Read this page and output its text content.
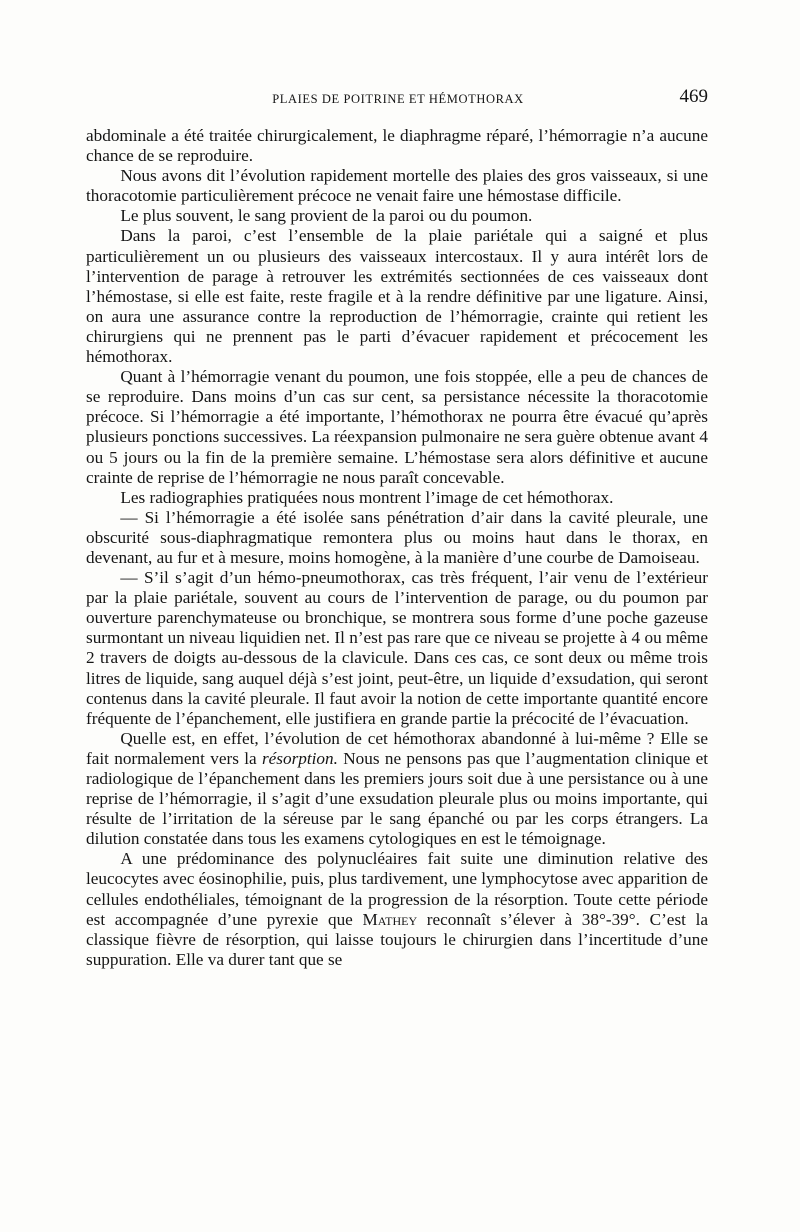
PLAIES DE POITRINE ET HÉMOTHORAX	469

abdominale a été traitée chirurgicalement, le diaphragme réparé, l’hémorragie n’a aucune chance de se reproduire.

Nous avons dit l’évolution rapidement mortelle des plaies des gros vaisseaux, si une thoracotomie particulièrement précoce ne venait faire une hémostase difficile.

Le plus souvent, le sang provient de la paroi ou du poumon.

Dans la paroi, c’est l’ensemble de la plaie pariétale qui a saigné et plus particulièrement un ou plusieurs des vaisseaux intercostaux. Il y aura intérêt lors de l’intervention de parage à retrouver les extrémités sectionnées de ces vaisseaux dont l’hémostase, si elle est faite, reste fragile et à la rendre définitive par une ligature. Ainsi, on aura une assurance contre la reproduction de l’hémorragie, crainte qui retient les chirurgiens qui ne prennent pas le parti d’évacuer rapidement et précocement les hémothorax.

Quant à l’hémorragie venant du poumon, une fois stoppée, elle a peu de chances de se reproduire. Dans moins d’un cas sur cent, sa persistance nécessite la thoracotomie précoce. Si l’hémorragie a été importante, l’hémothorax ne pourra être évacué qu’après plusieurs ponctions successives. La réexpansion pulmonaire ne sera guère obtenue avant 4 ou 5 jours ou la fin de la première semaine. L’hémostase sera alors définitive et aucune crainte de reprise de l’hémorragie ne nous paraît concevable.

Les radiographies pratiquées nous montrent l’image de cet hémothorax.

— Si l’hémorragie a été isolée sans pénétration d’air dans la cavité pleurale, une obscurité sous-diaphragmatique remontera plus ou moins haut dans le thorax, en devenant, au fur et à mesure, moins homogène, à la manière d’une courbe de Damoiseau.

— S’il s’agit d’un hémo-pneumothorax, cas très fréquent, l’air venu de l’extérieur par la plaie pariétale, souvent au cours de l’intervention de parage, ou du poumon par ouverture parenchymateuse ou bronchique, se montrera sous forme d’une poche gazeuse surmontant un niveau liquidien net. Il n’est pas rare que ce niveau se projette à 4 ou même 2 travers de doigts au-dessous de la clavicule. Dans ces cas, ce sont deux ou même trois litres de liquide, sang auquel déjà s’est joint, peut-être, un liquide d’exsudation, qui seront contenus dans la cavité pleurale. Il faut avoir la notion de cette importante quantité encore fréquente de l’épanchement, elle justifiera en grande partie la précocité de l’évacuation.

Quelle est, en effet, l’évolution de cet hémothorax abandonné à lui-même ? Elle se fait normalement vers la résorption. Nous ne pensons pas que l’augmentation clinique et radiologique de l’épanchement dans les premiers jours soit due à une persistance ou à une reprise de l’hémorragie, il s’agit d’une exsudation pleurale plus ou moins importante, qui résulte de l’irritation de la séreuse par le sang épanché ou par les corps étrangers. La dilution constatée dans tous les examens cytologiques en est le témoignage.

A une prédominance des polynucléaires fait suite une diminution relative des leucocytes avec éosinophilie, puis, plus tardivement, une lymphocytose avec apparition de cellules endothéliales, témoignant de la progression de la résorption. Toute cette période est accompagnée d’une pyrexie que Mathey reconnaît s’élever à 38°-39°. C’est la classique fièvre de résorption, qui laisse toujours le chirurgien dans l’incertitude d’une suppuration. Elle va durer tant que se
